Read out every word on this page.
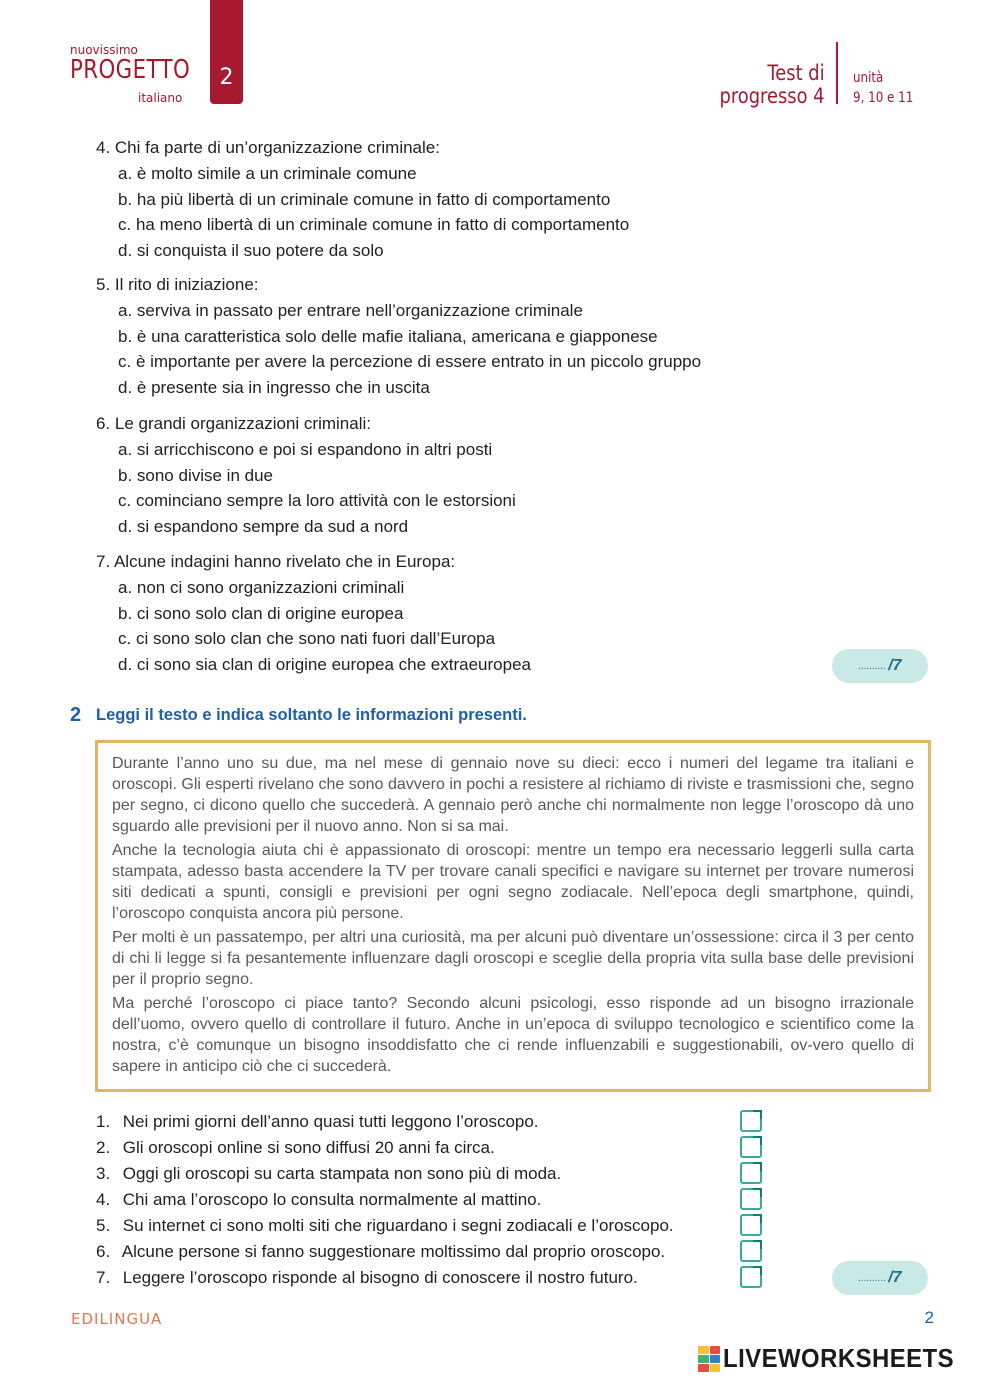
nuovissimo
PROGETTO
italiano
2	Test di
progresso 4
unità
9, 10 e 11
4. Chi fa parte di un’organizzazione criminale:
a. è molto simile a un criminale comune
b. ha più libertà di un criminale comune in fatto di comportamento
c. ha meno libertà di un criminale comune in fatto di comportamento
d. si conquista il suo potere da solo
5. Il rito di iniziazione:
a. serviva in passato per entrare nell’organizzazione criminale
b. è una caratteristica solo delle mafie italiana, americana e giapponese
c. è importante per avere la percezione di essere entrato in un piccolo gruppo
d. è presente sia in ingresso che in uscita
6. Le grandi organizzazioni criminali:
a. si arricchiscono e poi si espandono in altri posti
b. sono divise in due
c. cominciano sempre la loro attività con le estorsioni
d. si espandono sempre da sud a nord
7. Alcune indagini hanno rivelato che in Europa:
a. non ci sono organizzazioni criminali
b. ci sono solo clan di origine europea
c. ci sono solo clan che sono nati fuori dall’Europa
d. ci sono sia clan di origine europea che extraeuropea	.......... /7
2 Leggi il testo e indica soltanto le informazioni presenti.

Durante l’anno uno su due, ma nel mese di gennaio nove su dieci: ecco i numeri del legame tra italiani e oroscopi. Gli esperti rivelano che sono davvero in pochi a resistere al richiamo di riviste e trasmissioni che, segno per segno, ci dicono quello che succederà. A gennaio però anche chi normalmente non legge l’oroscopo dà uno sguardo alle previsioni per il nuovo anno. Non si sa mai.

Anche la tecnologia aiuta chi è appassionato di oroscopi: mentre un tempo era necessario leggerli sulla carta stampata, adesso basta accendere la TV per trovare canali specifici e navigare su internet per trovare numerosi siti dedicati a spunti, consigli e previsioni per ogni segno zodiacale. Nell’epoca degli smartphone, quindi, l’oroscopo conquista ancora più persone.

Per molti è un passatempo, per altri una curiosità, ma per alcuni può diventare un’ossessione: circa il 3 per cento di chi li legge si fa pesantemente influenzare dagli oroscopi e sceglie della propria vita sulla base delle previsioni per il proprio segno.

Ma perché l’oroscopo ci piace tanto? Secondo alcuni psicologi, esso risponde ad un bisogno irrazionale dell’uomo, ovvero quello di controllare il futuro. Anche in un’epoca di sviluppo tecnologico e scientifico come la nostra, c’è comunque un bisogno insoddisfatto che ci rende influenzabili e suggestionabili, ov-vero quello di sapere in anticipo ciò che ci succederà.

1. Nei primi giorni dell’anno quasi tutti leggono l’oroscopo.
2. Gli oroscopi online si sono diffusi 20 anni fa circa.
3. Oggi gli oroscopi su carta stampata non sono più di moda.
4. Chi ama l’oroscopo lo consulta normalmente al mattino.
5. Su internet ci sono molti siti che riguardano i segni zodiacali e l’oroscopo.
6. Alcune persone si fanno suggestionare moltissimo dal proprio oroscopo.
7. Leggere l’oroscopo risponde al bisogno di conoscere il nostro futuro.	.......... /7
EDILINGUA	2
LIVEWORKSHEETS
